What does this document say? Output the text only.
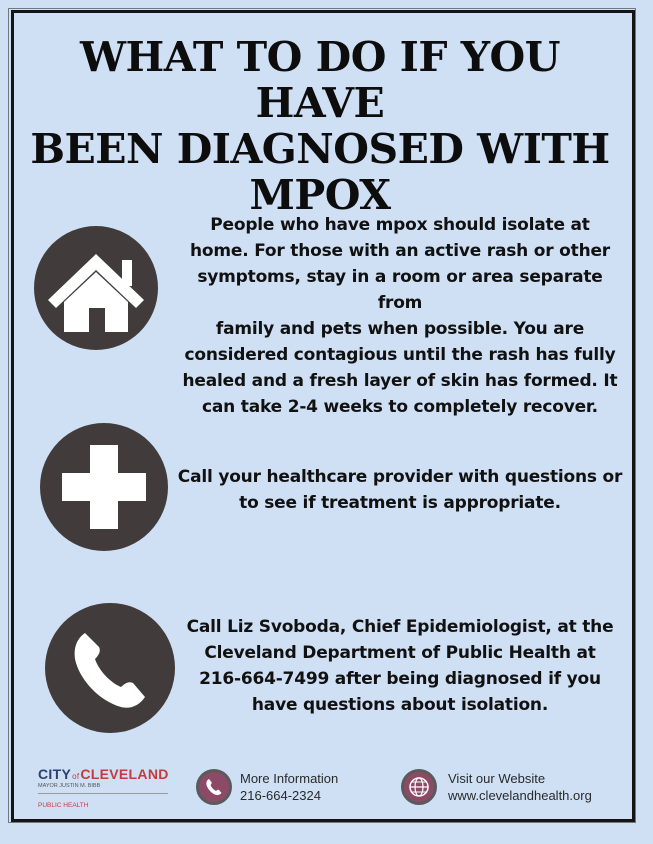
WHAT TO DO IF YOU HAVE
BEEN DIAGNOSED WITH
MPOX
People who have mpox should isolate at
home. For those with an active rash or other
symptoms, stay in a room or area separate from
family and pets when possible. You are
considered contagious until the rash has fully
healed and a fresh layer of skin has formed. It
can take 2-4 weeks to completely recover.
Call your healthcare provider with questions or
to see if treatment is appropriate.
Call Liz Svoboda, Chief Epidemiologist, at the
Cleveland Department of Public Health at
216-664-7499 after being diagnosed if you
have questions about isolation.
CITYofCLEVELAND
MAYOR JUSTIN M. BIBB
PUBLIC HEALTH
More Information
216-664-2324
Visit our Website
www.clevelandhealth.org
